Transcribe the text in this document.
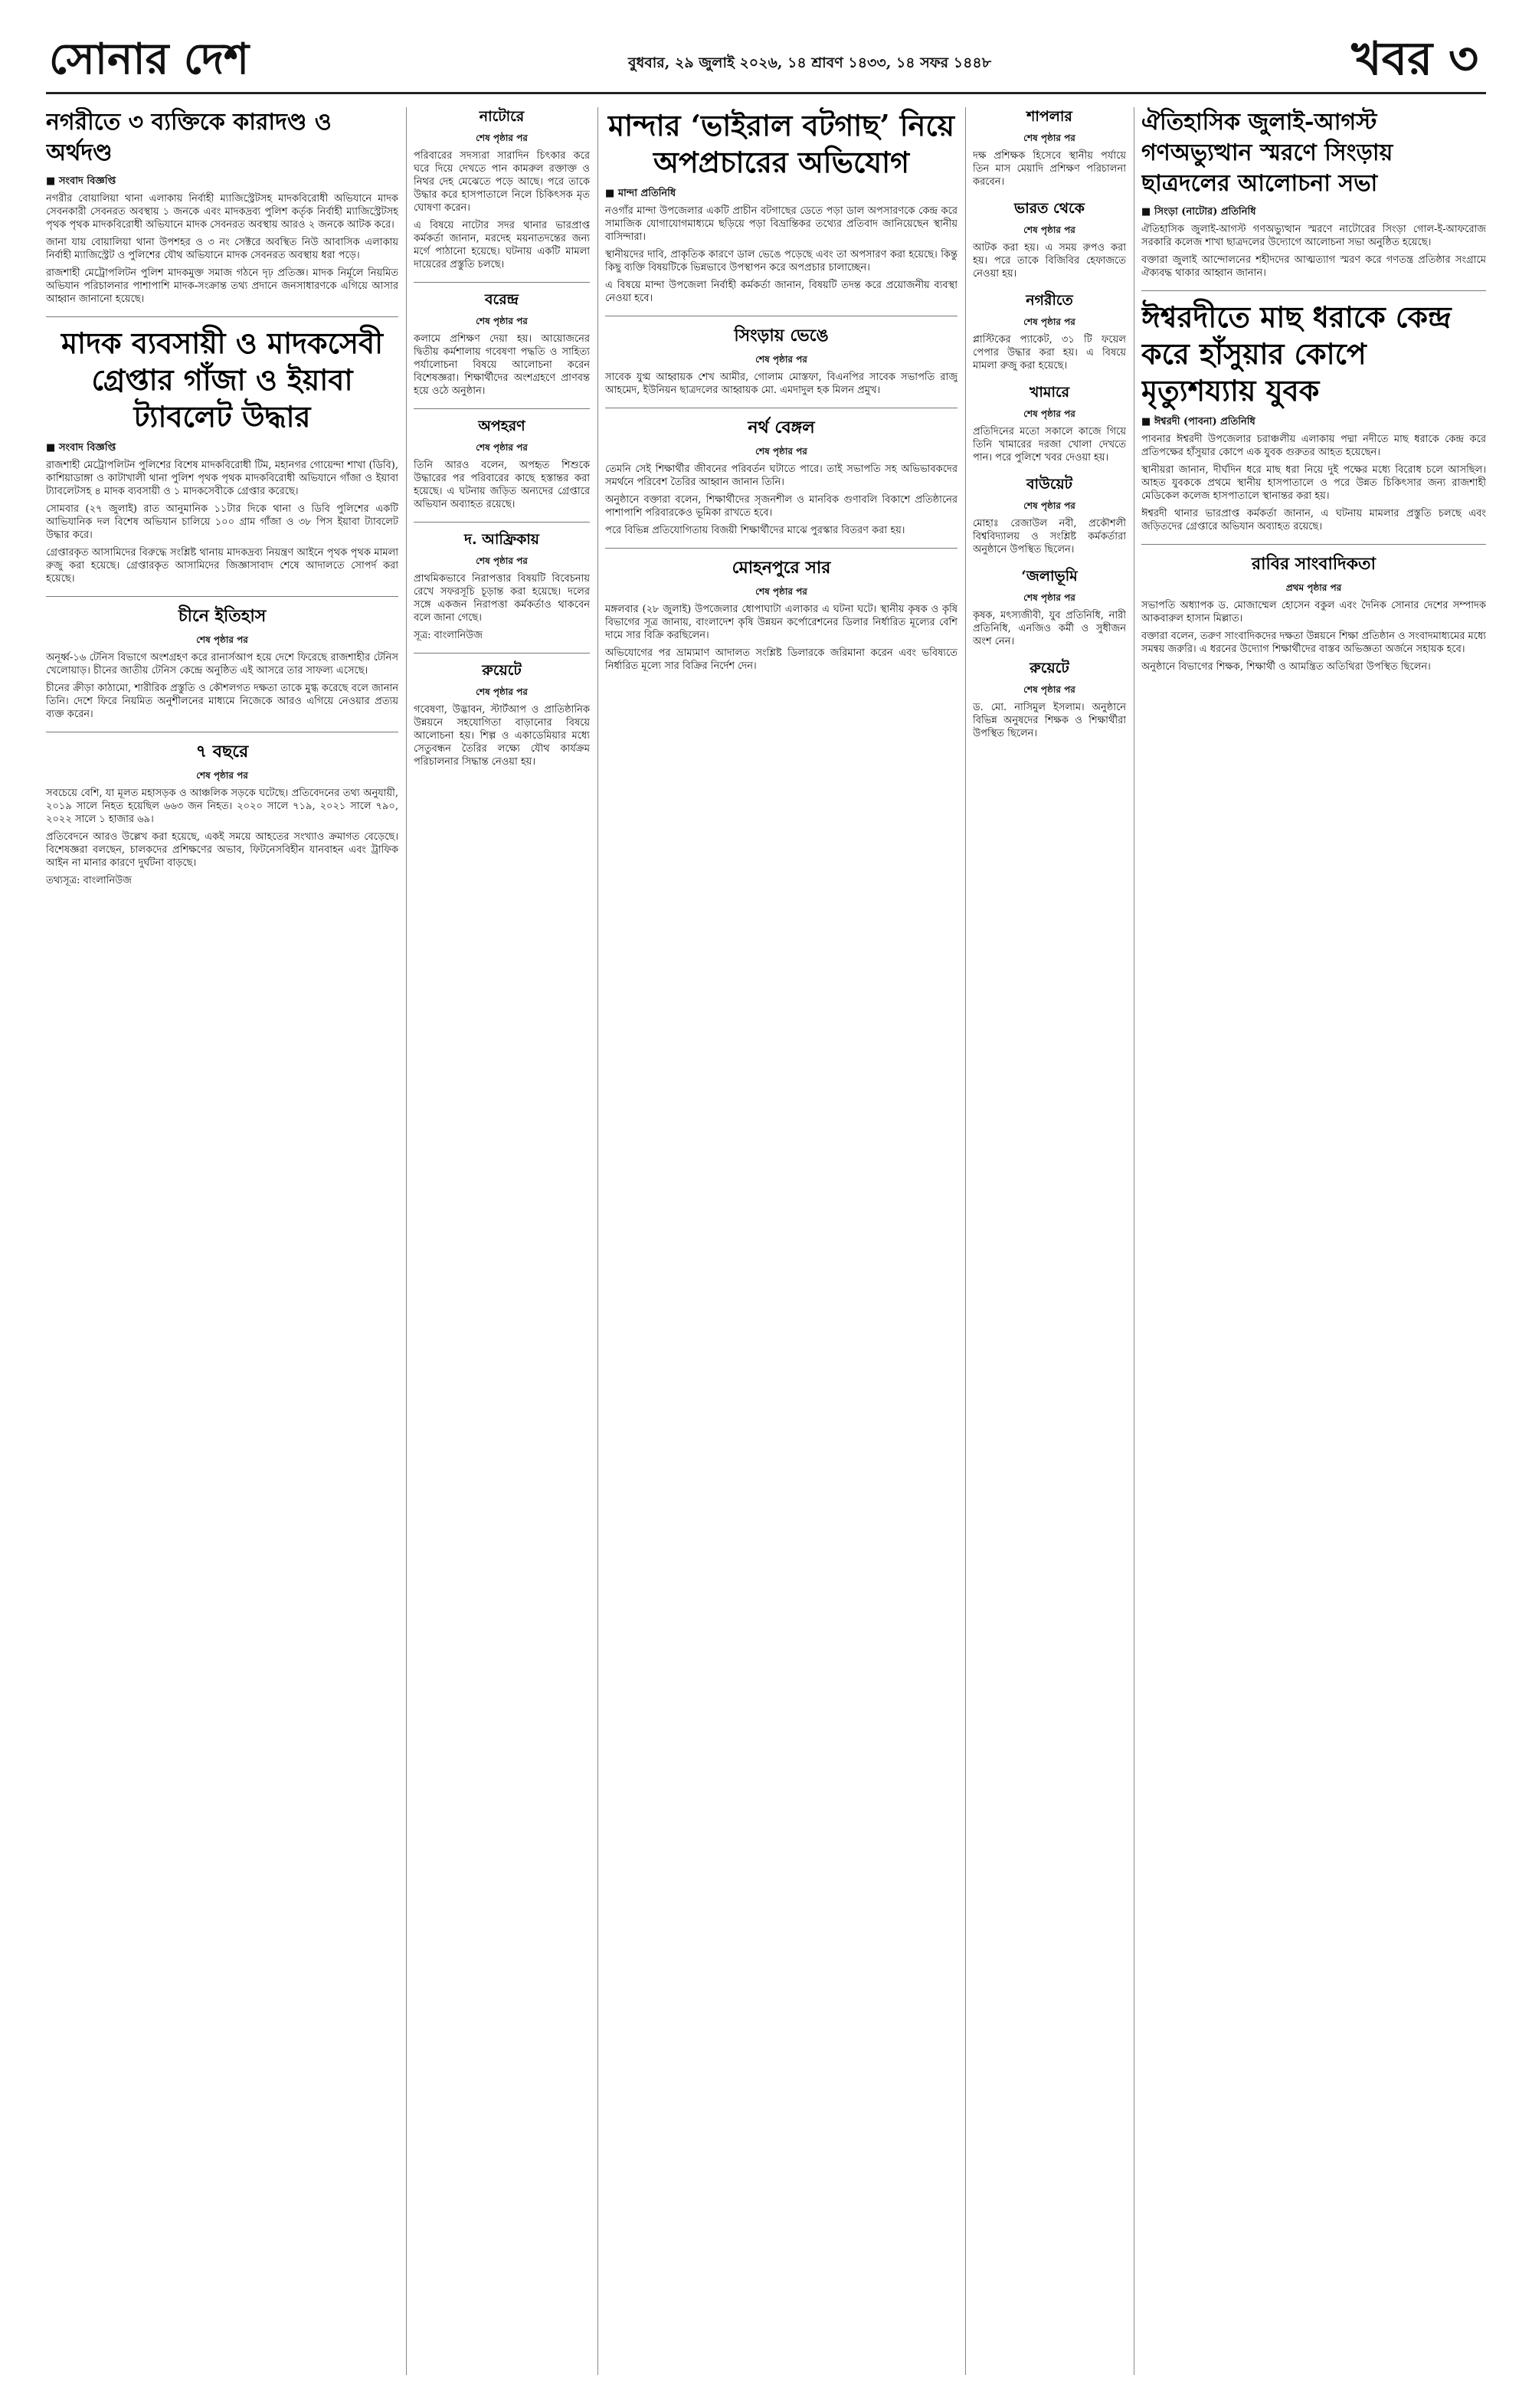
সোনার দেশ	বুধবার, ২৯ জুলাই ২০২৬, ১৪ শ্রাবণ ১৪৩৩, ১৪ সফর ১৪৪৮	খবর ৩
নগরীতে ৩ ব্যক্তিকে কারাদণ্ড ও অর্থদণ্ড
■ সংবাদ বিজ্ঞপ্তি

নগরীর বোয়ালিয়া থানা এলাকায় নির্বাহী ম্যাজিস্ট্রেটসহ মাদকবিরোধী অভিযানে মাদক সেবনকারী সেবনরত অবস্থায় ১ জনকে এবং মাদকদ্রব্য পুলিশ কর্তৃক নির্বাহী ম্যাজিস্ট্রেটসহ পৃথক পৃথক মাদকবিরোধী অভিযানে মাদক সেবনরত অবস্থায় আরও ২ জনকে আটক করে।

জানা যায় বোয়ালিয়া থানা উপশহর ও ৩ নং সেক্টরে অবস্থিত নিউ আবাসিক এলাকায় নির্বাহী ম্যাজিস্ট্রেট ও পুলিশের যৌথ অভিযানে মাদক সেবনরত অবস্থায় ধরা পড়ে।

রাজশাহী মেট্রোপলিটন পুলিশ মাদকমুক্ত সমাজ গঠনে দৃঢ় প্রতিজ্ঞ। মাদক নির্মূলে নিয়মিত অভিযান পরিচালনার পাশাপাশি মাদক-সংক্রান্ত তথ্য প্রদানে জনসাধারণকে এগিয়ে আসার আহ্বান জানানো হয়েছে।

মাদক ব্যবসায়ী ও মাদকসেবী গ্রেপ্তার গাঁজা ও ইয়াবা ট্যাবলেট উদ্ধার
■ সংবাদ বিজ্ঞপ্তি

রাজশাহী মেট্রোপলিটন পুলিশের বিশেষ মাদকবিরোধী টিম, মহানগর গোয়েন্দা শাখা (ডিবি), কাশিয়াডাঙ্গা ও কাটাখালী থানা পুলিশ পৃথক পৃথক মাদকবিরোধী অভিযানে গাঁজা ও ইয়াবা ট্যাবলেটসহ ৪ মাদক ব্যবসায়ী ও ১ মাদকসেবীকে গ্রেপ্তার করেছে।

সোমবার (২৭ জুলাই) রাত আনুমানিক ১১টার দিকে থানা ও ডিবি পুলিশের একটি আভিযানিক দল বিশেষ অভিযান চালিয়ে ১০০ গ্রাম গাঁজা ও ৩৮ পিস ইয়াবা ট্যাবলেট উদ্ধার করে।

গ্রেপ্তারকৃত আসামিদের বিরুদ্ধে সংশ্লিষ্ট থানায় মাদকদ্রব্য নিয়ন্ত্রণ আইনে পৃথক পৃথক মামলা রুজু করা হয়েছে। গ্রেপ্তারকৃত আসামিদের জিজ্ঞাসাবাদ শেষে আদালতে সোপর্দ করা হয়েছে।

চীনে ইতিহাস
শেষ পৃষ্ঠার পর

অনূর্ধ্ব-১৬ টেনিস বিভাগে অংশগ্রহণ করে রানার্সআপ হয়ে দেশে ফিরেছে রাজশাহীর টেনিস খেলোয়াড়। চীনের জাতীয় টেনিস কেন্দ্রে অনুষ্ঠিত এই আসরে তার সাফল্য এসেছে।

চীনের ক্রীড়া কাঠামো, শারীরিক প্রস্তুতি ও কৌশলগত দক্ষতা তাকে মুগ্ধ করেছে বলে জানান তিনি। দেশে ফিরে নিয়মিত অনুশীলনের মাধ্যমে নিজেকে আরও এগিয়ে নেওয়ার প্রত্যয় ব্যক্ত করেন।

৭ বছরে
শেষ পৃষ্ঠার পর

সবচেয়ে বেশি, যা মূলত মহাসড়ক ও আঞ্চলিক সড়কে ঘটেছে। প্রতিবেদনের তথ্য অনুযায়ী, ২০১৯ সালে নিহত হয়েছিল ৬৬৩ জন নিহত। ২০২০ সালে ৭১৯, ২০২১ সালে ৭৯০, ২০২২ সালে ১ হাজার ৬৯।

প্রতিবেদনে আরও উল্লেখ করা হয়েছে, একই সময়ে আহতের সংখ্যাও ক্রমাগত বেড়েছে। বিশেষজ্ঞরা বলছেন, চালকদের প্রশিক্ষণের অভাব, ফিটনেসবিহীন যানবাহন এবং ট্রাফিক আইন না মানার কারণে দুর্ঘটনা বাড়ছে।

তথ্যসূত্র: বাংলানিউজ

নাটোরে
শেষ পৃষ্ঠার পর

পরিবারের সদস্যরা সারাদিন চিৎকার করে ঘরে দিয়ে দেখতে পান কামরুল রক্তাক্ত ও নিথর দেহ মেঝেতে পড়ে আছে। পরে তাকে উদ্ধার করে হাসপাতালে নিলে চিকিৎসক মৃত ঘোষণা করেন।

এ বিষয়ে নাটোর সদর থানার ভারপ্রাপ্ত কর্মকর্তা জানান, মরদেহ ময়নাতদন্তের জন্য মর্গে পাঠানো হয়েছে। ঘটনায় একটি মামলা দায়েরের প্রস্তুতি চলছে।

বরেন্দ্র
শেষ পৃষ্ঠার পর

কলামে প্রশিক্ষণ দেয়া হয়। আয়োজনের দ্বিতীয় কর্মশালায় গবেষণা পদ্ধতি ও সাহিত্য পর্যালোচনা বিষয়ে আলোচনা করেন বিশেষজ্ঞরা। শিক্ষার্থীদের অংশগ্রহণে প্রাণবন্ত হয়ে ওঠে অনুষ্ঠান।

অপহরণ
শেষ পৃষ্ঠার পর

তিনি আরও বলেন, অপহৃত শিশুকে উদ্ধারের পর পরিবারের কাছে হস্তান্তর করা হয়েছে। এ ঘটনায় জড়িত অন্যদের গ্রেপ্তারে অভিযান অব্যাহত রয়েছে।

দ. আফ্রিকায়
শেষ পৃষ্ঠার পর

প্রাথমিকভাবে নিরাপত্তার বিষয়টি বিবেচনায় রেখে সফরসূচি চূড়ান্ত করা হয়েছে। দলের সঙ্গে একজন নিরাপত্তা কর্মকর্তাও থাকবেন বলে জানা গেছে।

সূত্র: বাংলানিউজ

রুয়েটে
শেষ পৃষ্ঠার পর

গবেষণা, উদ্ভাবন, স্টার্টআপ ও প্রাতিষ্ঠানিক উন্নয়নে সহযোগিতা বাড়ানোর বিষয়ে আলোচনা হয়। শিল্প ও একাডেমিয়ার মধ্যে সেতুবন্ধন তৈরির লক্ষ্যে যৌথ কার্যক্রম পরিচালনার সিদ্ধান্ত নেওয়া হয়।

মান্দার ‘ভাইরাল বটগাছ’ নিয়ে অপপ্রচারের অভিযোগ
■ মান্দা প্রতিনিধি

নওগাঁর মান্দা উপজেলার একটি প্রাচীন বটগাছের ডেতে পড়া ডাল অপসারণকে কেন্দ্র করে সামাজিক যোগাযোগমাধ্যমে ছড়িয়ে পড়া বিভ্রান্তিকর তথ্যের প্রতিবাদ জানিয়েছেন স্থানীয় বাসিন্দারা।

স্থানীয়দের দাবি, প্রাকৃতিক কারণে ডাল ভেঙে পড়েছে এবং তা অপসারণ করা হয়েছে। কিন্তু কিছু ব্যক্তি বিষয়টিকে ভিন্নভাবে উপস্থাপন করে অপপ্রচার চালাচ্ছেন।

এ বিষয়ে মান্দা উপজেলা নির্বাহী কর্মকর্তা জানান, বিষয়টি তদন্ত করে প্রয়োজনীয় ব্যবস্থা নেওয়া হবে।

সিংড়ায় ভেঙে
শেষ পৃষ্ঠার পর

সাবেক যুগ্ম আহ্বায়ক শেখ আমীর, গোলাম মোস্তফা, বিএনপির সাবেক সভাপতি রাজু আহমেদ, ইউনিয়ন ছাত্রদলের আহ্বায়ক মো. এমদাদুল হক মিলন প্রমুখ।

নর্থ বেঙ্গল
শেষ পৃষ্ঠার পর

তেমনি সেই শিক্ষার্থীর জীবনের পরিবর্তন ঘটাতে পারে। তাই সভাপতি সহ অভিভাবকদের সমর্থনে পরিবেশ তৈরির আহ্বান জানান তিনি।

অনুষ্ঠানে বক্তারা বলেন, শিক্ষার্থীদের সৃজনশীল ও মানবিক গুণাবলি বিকাশে প্রতিষ্ঠানের পাশাপাশি পরিবারকেও ভূমিকা রাখতে হবে।

পরে বিভিন্ন প্রতিযোগিতায় বিজয়ী শিক্ষার্থীদের মাঝে পুরস্কার বিতরণ করা হয়।

মোহনপুরে সার
শেষ পৃষ্ঠার পর

মঙ্গলবার (২৮ জুলাই) উপজেলার ধোপাঘাটা এলাকার এ ঘটনা ঘটে। স্থানীয় কৃষক ও কৃষি বিভাগের সূত্র জানায়, বাংলাদেশ কৃষি উন্নয়ন কর্পোরেশনের ডিলার নির্ধারিত মূল্যের বেশি দামে সার বিক্রি করছিলেন।

অভিযোগের পর ভ্রাম্যমাণ আদালত সংশ্লিষ্ট ডিলারকে জরিমানা করেন এবং ভবিষ্যতে নির্ধারিত মূল্যে সার বিক্রির নির্দেশ দেন।

শাপলার
শেষ পৃষ্ঠার পর

দক্ষ প্রশিক্ষক হিসেবে স্থানীয় পর্যায়ে তিন মাস মেয়াদি প্রশিক্ষণ পরিচালনা করবেন।

ভারত থেকে
শেষ পৃষ্ঠার পর

আটক করা হয়। এ সময় রুপও করা হয়। পরে তাকে বিজিবির হেফাজতে নেওয়া হয়।

নগরীতে
শেষ পৃষ্ঠার পর

প্লাস্টিকের প্যাকেট, ৩১ টি ফয়েল পেপার উদ্ধার করা হয়। এ বিষয়ে মামলা রুজু করা হয়েছে।

খামারে
শেষ পৃষ্ঠার পর

প্রতিদিনের মতো সকালে কাজে গিয়ে তিনি খামারের দরজা খোলা দেখতে পান। পরে পুলিশে খবর দেওয়া হয়।

বাউয়েট
শেষ পৃষ্ঠার পর

মোহাঃ রেজাউল নবী, প্রকৌশলী বিশ্ববিদ্যালয় ও সংশ্লিষ্ট কর্মকর্তারা অনুষ্ঠানে উপস্থিত ছিলেন।

‘জলাভূমি
শেষ পৃষ্ঠার পর

কৃষক, মৎস্যজীবী, যুব প্রতিনিধি, নারী প্রতিনিধি, এনজিও কর্মী ও সুধীজন অংশ নেন।

রুয়েটে
শেষ পৃষ্ঠার পর

ড. মো. নাসিমুল ইসলাম। অনুষ্ঠানে বিভিন্ন অনুষদের শিক্ষক ও শিক্ষার্থীরা উপস্থিত ছিলেন।

ঐতিহাসিক জুলাই-আগস্ট গণঅভ্যুত্থান স্মরণে সিংড়ায় ছাত্রদলের আলোচনা সভা
■ সিংড়া (নাটোর) প্রতিনিধি

ঐতিহাসিক জুলাই-আগস্ট গণঅভ্যুত্থান স্মরণে নাটোরের সিংড়া গোল-ই-আফরোজ সরকারি কলেজ শাখা ছাত্রদলের উদ্যোগে আলোচনা সভা অনুষ্ঠিত হয়েছে।

বক্তারা জুলাই আন্দোলনের শহীদদের আত্মত্যাগ স্মরণ করে গণতন্ত্র প্রতিষ্ঠার সংগ্রামে ঐক্যবদ্ধ থাকার আহ্বান জানান।

ঈশ্বরদীতে মাছ ধরাকে কেন্দ্র করে হাঁসুয়ার কোপে মৃত্যুশয্যায় যুবক
■ ঈশ্বরদী (পাবনা) প্রতিনিধি

পাবনার ঈশ্বরদী উপজেলার চরাঞ্চলীয় এলাকায় পদ্মা নদীতে মাছ ধরাকে কেন্দ্র করে প্রতিপক্ষের হাঁসুয়ার কোপে এক যুবক গুরুতর আহত হয়েছেন।

স্থানীয়রা জানান, দীর্ঘদিন ধরে মাছ ধরা নিয়ে দুই পক্ষের মধ্যে বিরোধ চলে আসছিল। আহত যুবককে প্রথমে স্থানীয় হাসপাতালে ও পরে উন্নত চিকিৎসার জন্য রাজশাহী মেডিকেল কলেজ হাসপাতালে স্থানান্তর করা হয়।

ঈশ্বরদী থানার ভারপ্রাপ্ত কর্মকর্তা জানান, এ ঘটনায় মামলার প্রস্তুতি চলছে এবং জড়িতদের গ্রেপ্তারে অভিযান অব্যাহত রয়েছে।

রাবির সাংবাদিকতা
প্রথম পৃষ্ঠার পর

সভাপতি অধ্যাপক ড. মোজাম্মেল হোসেন বকুল এবং দৈনিক সোনার দেশের সম্পাদক আকবারুল হাসান মিল্লাত।

বক্তারা বলেন, তরুণ সাংবাদিকদের দক্ষতা উন্নয়নে শিক্ষা প্রতিষ্ঠান ও সংবাদমাধ্যমের মধ্যে সমন্বয় জরুরি। এ ধরনের উদ্যোগ শিক্ষার্থীদের বাস্তব অভিজ্ঞতা অর্জনে সহায়ক হবে।

অনুষ্ঠানে বিভাগের শিক্ষক, শিক্ষার্থী ও আমন্ত্রিত অতিথিরা উপস্থিত ছিলেন।
